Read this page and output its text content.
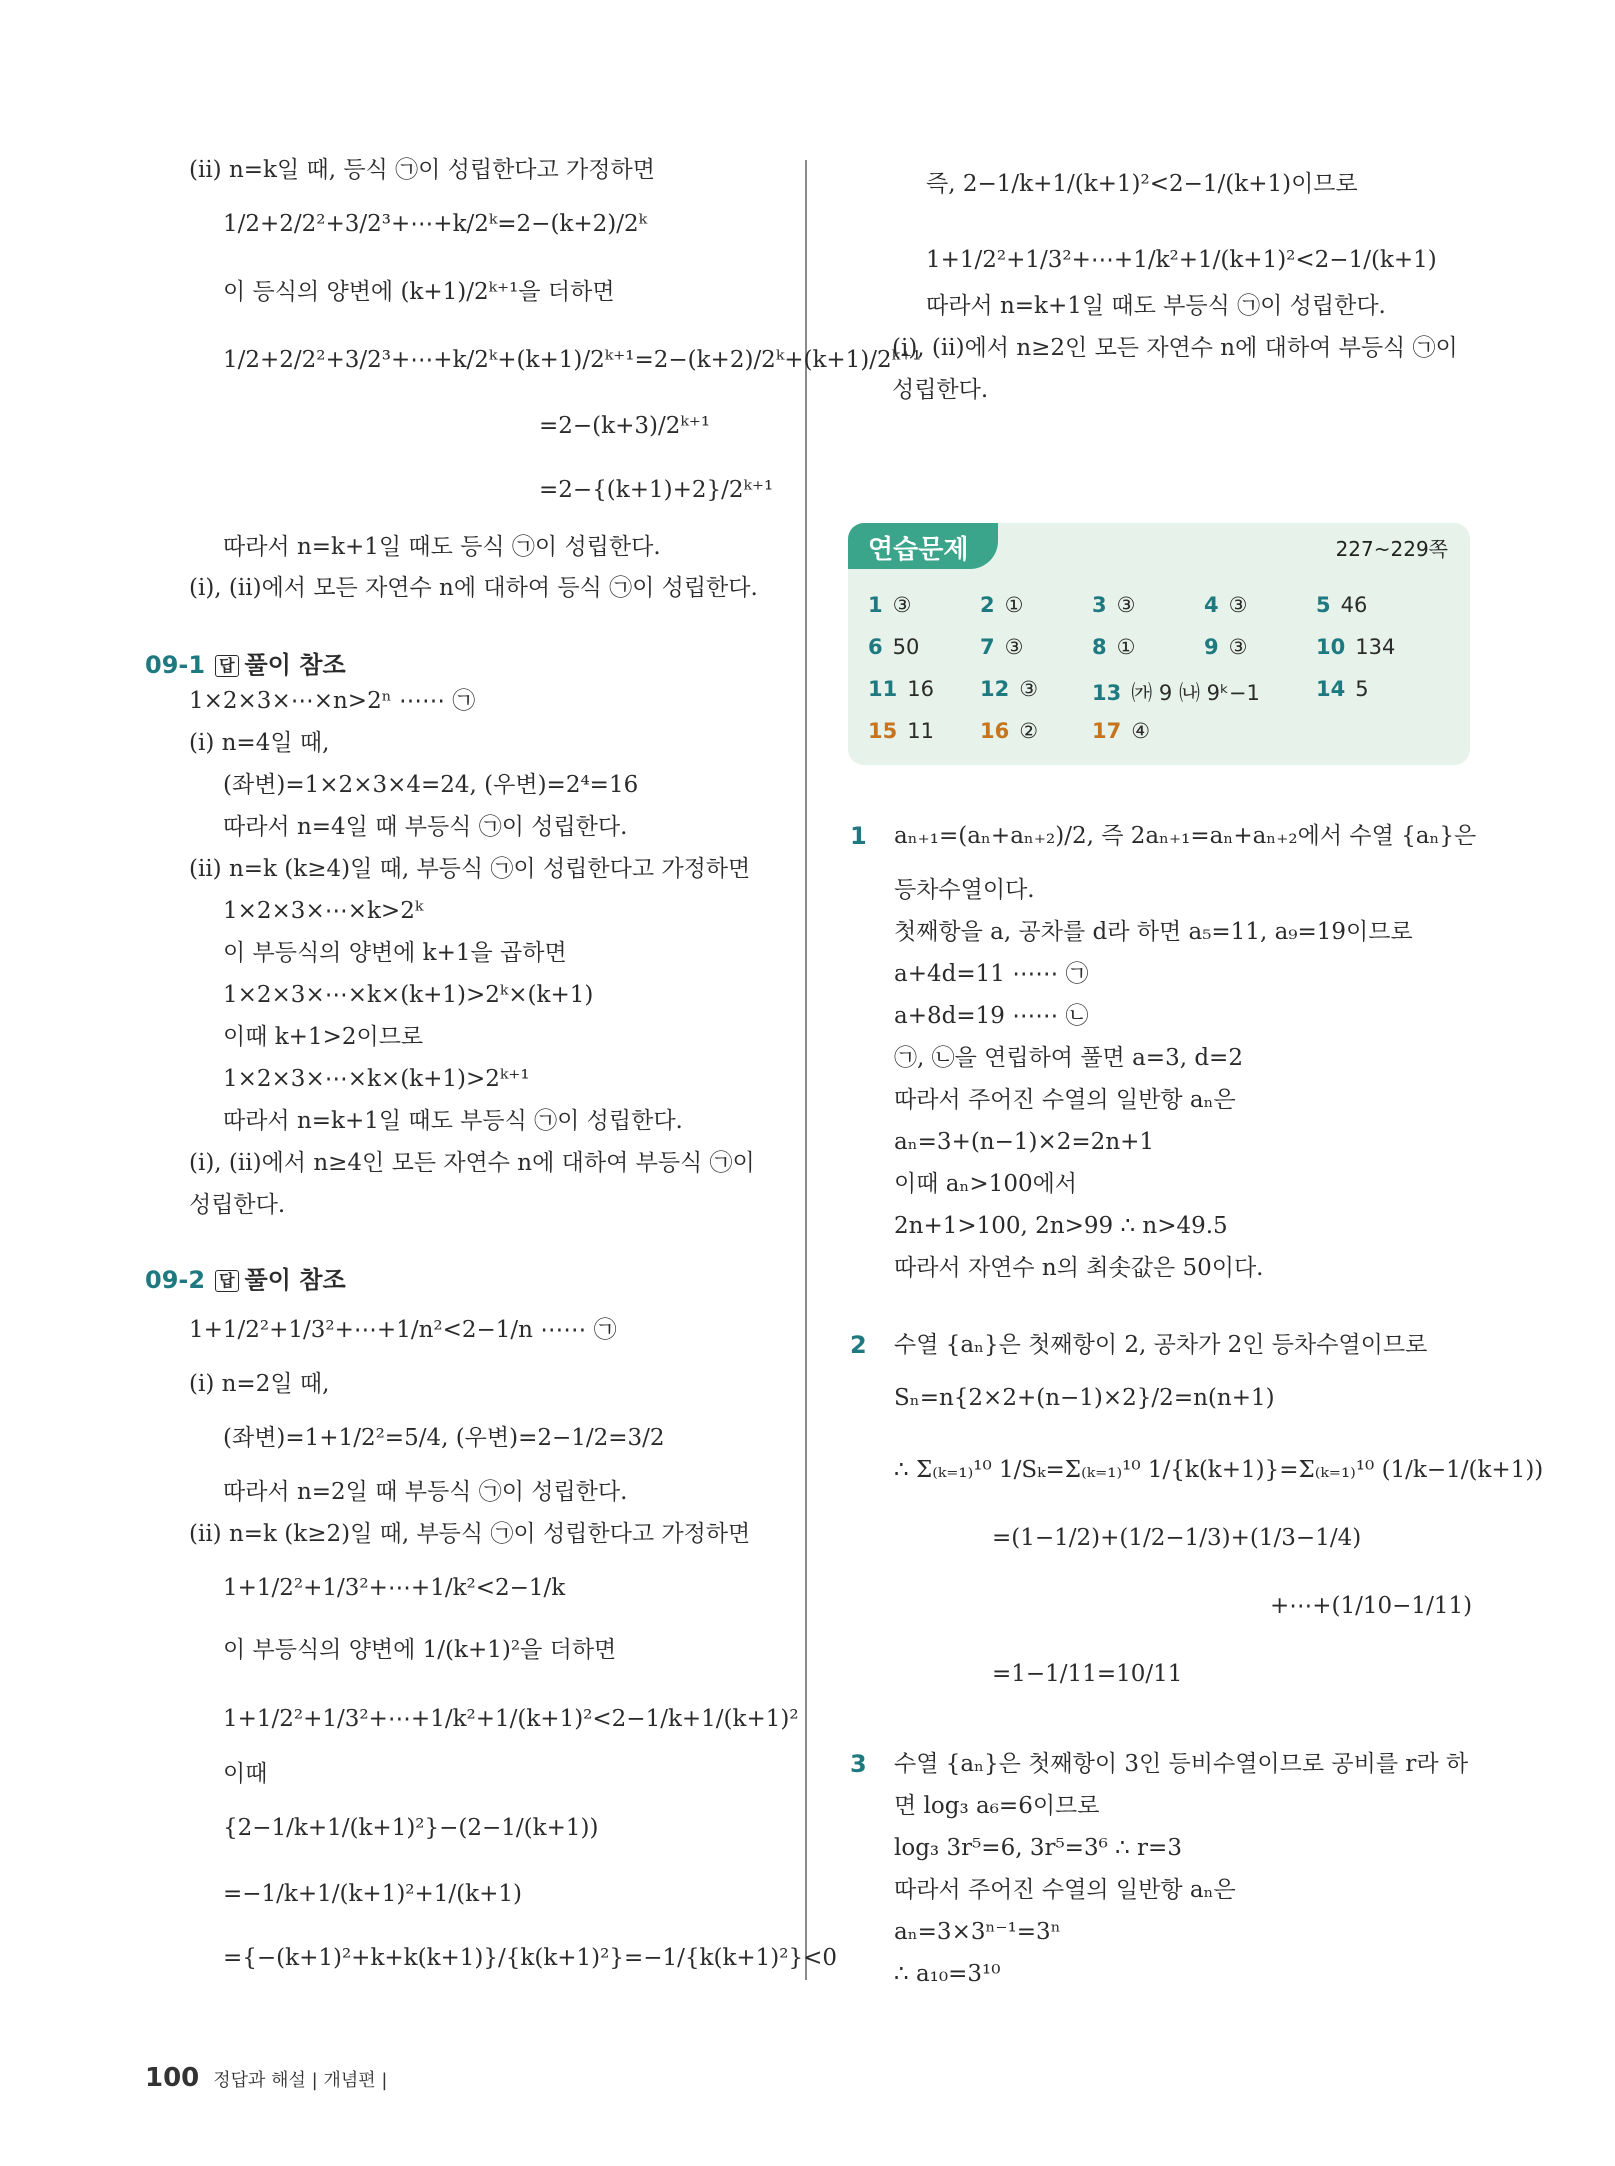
(ⅱ) n=k일 때, 등식 ㉠이 성립한다고 가정하면
1/2+2/2²+3/2³+⋯+k/2ᵏ=2−(k+2)/2ᵏ
이 등식의 양변에 (k+1)/2ᵏ⁺¹을 더하면
1/2+2/2²+3/2³+⋯+k/2ᵏ+(k+1)/2ᵏ⁺¹=2−(k+2)/2ᵏ+(k+1)/2ᵏ⁺¹
=2−(k+3)/2ᵏ⁺¹
=2−{(k+1)+2}/2ᵏ⁺¹
따라서 n=k+1일 때도 등식 ㉠이 성립한다.
(ⅰ), (ⅱ)에서 모든 자연수 n에 대하여 등식 ㉠이 성립한다.
09-1 답 풀이 참조
1×2×3×⋯×n>2ⁿ ⋯⋯ ㉠
(ⅰ) n=4일 때,
(좌변)=1×2×3×4=24, (우변)=2⁴=16
따라서 n=4일 때 부등식 ㉠이 성립한다.
(ⅱ) n=k (k≥4)일 때, 부등식 ㉠이 성립한다고 가정하면
1×2×3×⋯×k>2ᵏ
이 부등식의 양변에 k+1을 곱하면
1×2×3×⋯×k×(k+1)>2ᵏ×(k+1)
이때 k+1>2이므로
1×2×3×⋯×k×(k+1)>2ᵏ⁺¹
따라서 n=k+1일 때도 부등식 ㉠이 성립한다.
(ⅰ), (ⅱ)에서 n≥4인 모든 자연수 n에 대하여 부등식 ㉠이
성립한다.
09-2 답 풀이 참조
1+1/2²+1/3²+⋯+1/n²<2−1/n ⋯⋯ ㉠
(ⅰ) n=2일 때,
(좌변)=1+1/2²=5/4, (우변)=2−1/2=3/2
따라서 n=2일 때 부등식 ㉠이 성립한다.
(ⅱ) n=k (k≥2)일 때, 부등식 ㉠이 성립한다고 가정하면
1+1/2²+1/3²+⋯+1/k²<2−1/k
이 부등식의 양변에 1/(k+1)²을 더하면
1+1/2²+1/3²+⋯+1/k²+1/(k+1)²<2−1/k+1/(k+1)²
이때
{2−1/k+1/(k+1)²}−(2−1/(k+1))
=−1/k+1/(k+1)²+1/(k+1)
={−(k+1)²+k+k(k+1)}/{k(k+1)²}=−1/{k(k+1)²}<0
즉, 2−1/k+1/(k+1)²<2−1/(k+1)이므로
1+1/2²+1/3²+⋯+1/k²+1/(k+1)²<2−1/(k+1)
따라서 n=k+1일 때도 부등식 ㉠이 성립한다.
(ⅰ), (ⅱ)에서 n≥2인 모든 자연수 n에 대하여 부등식 ㉠이
성립한다.
연습문제	227~229쪽
1 ③	2 ①	3 ③	4 ③	5 46
6 50	7 ③	8 ①	9 ③	10 134
11 16 12 ③	13 ㈎ 9 ㈏ 9ᵏ−1	14 5
15 11 16 ②	17 ④
1 aₙ₊₁=(aₙ+aₙ₊₂)/2, 즉 2aₙ₊₁=aₙ+aₙ₊₂에서 수열 {aₙ}은
등차수열이다.
첫째항을 a, 공차를 d라 하면 a₅=11, a₉=19이므로
a+4d=11 ⋯⋯ ㉠
a+8d=19 ⋯⋯ ㉡
㉠, ㉡을 연립하여 풀면 a=3, d=2
따라서 주어진 수열의 일반항 aₙ은
aₙ=3+(n−1)×2=2n+1
이때 aₙ>100에서
2n+1>100, 2n>99 ∴ n>49.5
따라서 자연수 n의 최솟값은 50이다.
2 수열 {aₙ}은 첫째항이 2, 공차가 2인 등차수열이므로
Sₙ=n{2×2+(n−1)×2}/2=n(n+1)
∴ Σ₍ₖ₌₁₎¹⁰ 1/Sₖ=Σ₍ₖ₌₁₎¹⁰ 1/{k(k+1)}=Σ₍ₖ₌₁₎¹⁰ (1/k−1/(k+1))
=(1−1/2)+(1/2−1/3)+(1/3−1/4)
+⋯+(1/10−1/11)
=1−1/11=10/11
3 수열 {aₙ}은 첫째항이 3인 등비수열이므로 공비를 r라 하
면 log₃ a₆=6이므로
log₃ 3r⁵=6, 3r⁵=3⁶ ∴ r=3
따라서 주어진 수열의 일반항 aₙ은
aₙ=3×3ⁿ⁻¹=3ⁿ
∴ a₁₀=3¹⁰
100 정답과 해설 | 개념편 |
